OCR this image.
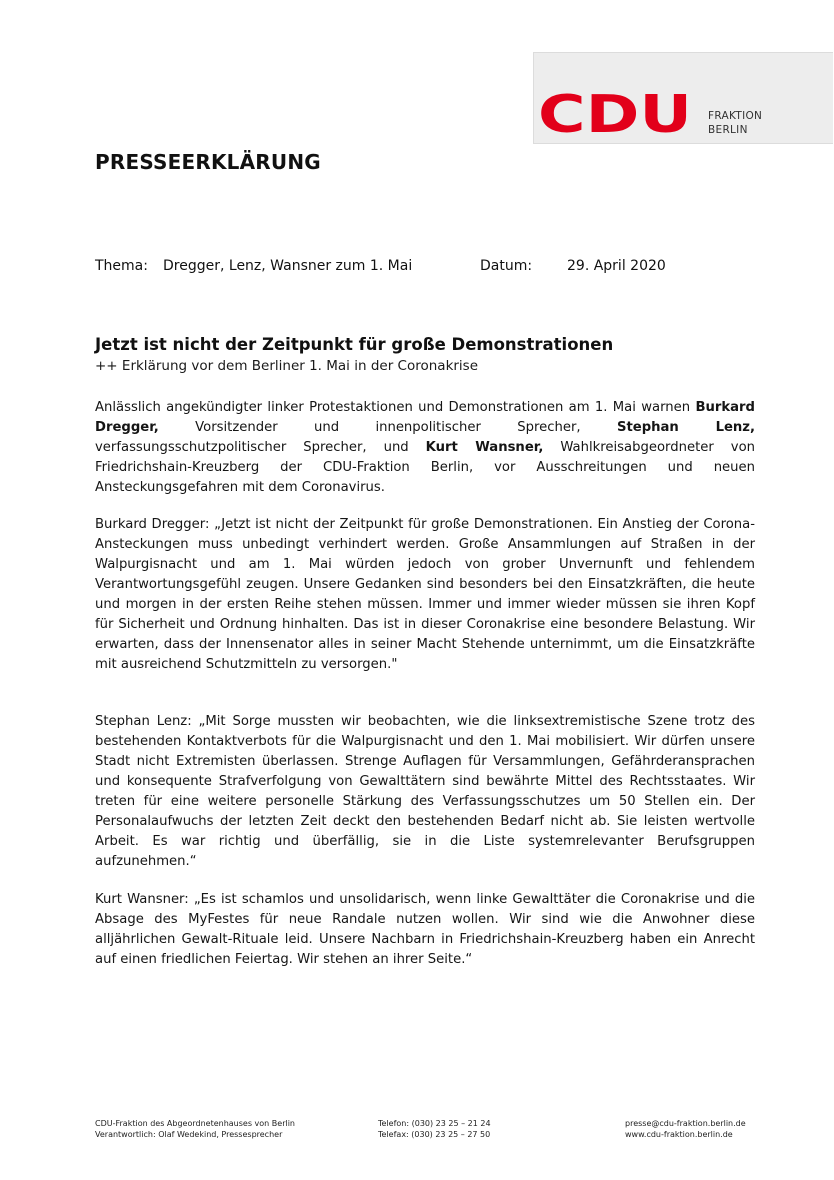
CDU FRAKTION
BERLIN
PRESSEERKLÄRUNG
Thema: Dregger, Lenz, Wansner zum 1. Mai	Datum: 29. April 2020
Jetzt ist nicht der Zeitpunkt für große Demonstrationen
++ Erklärung vor dem Berliner 1. Mai in der Coronakrise

Anlässlich angekündigter linker Protestaktionen und Demonstrationen am 1. Mai warnen Burkard Dregger, Vorsitzender und innenpolitischer Sprecher, Stephan Lenz, verfassungsschutzpolitischer Sprecher, und Kurt Wansner, Wahlkreisabgeordneter von Friedrichshain-Kreuzberg der CDU-Fraktion Berlin, vor Ausschreitungen und neuen Ansteckungsgefahren mit dem Coronavirus.

Burkard Dregger: „Jetzt ist nicht der Zeitpunkt für große Demonstrationen. Ein Anstieg der Corona-Ansteckungen muss unbedingt verhindert werden. Große Ansammlungen auf Straßen in der Walpurgisnacht und am 1. Mai würden jedoch von grober Unvernunft und fehlendem Verantwortungsgefühl zeugen. Unsere Gedanken sind besonders bei den Einsatzkräften, die heute und morgen in der ersten Reihe stehen müssen. Immer und immer wieder müssen sie ihren Kopf für Sicherheit und Ordnung hinhalten. Das ist in dieser Coronakrise eine besondere Belastung. Wir erwarten, dass der Innensenator alles in seiner Macht Stehende unternimmt, um die Einsatzkräfte mit ausreichend Schutzmitteln zu versorgen."

Stephan Lenz: „Mit Sorge mussten wir beobachten, wie die linksextremistische Szene trotz des bestehenden Kontaktverbots für die Walpurgisnacht und den 1. Mai mobilisiert. Wir dürfen unsere Stadt nicht Extremisten überlassen. Strenge Auflagen für Versammlungen, Gefährderansprachen und konsequente Strafverfolgung von Gewalttätern sind bewährte Mittel des Rechtsstaates. Wir treten für eine weitere personelle Stärkung des Verfassungsschutzes um 50 Stellen ein. Der Personalaufwuchs der letzten Zeit deckt den bestehenden Bedarf nicht ab. Sie leisten wertvolle Arbeit. Es war richtig und überfällig, sie in die Liste systemrelevanter Berufsgruppen aufzunehmen.“

Kurt Wansner: „Es ist schamlos und unsolidarisch, wenn linke Gewalttäter die Coronakrise und die Absage des MyFestes für neue Randale nutzen wollen. Wir sind wie die Anwohner diese alljährlichen Gewalt-Rituale leid. Unsere Nachbarn in Friedrichshain-Kreuzberg haben ein Anrecht auf einen friedlichen Feiertag. Wir stehen an ihrer Seite.“

CDU-Fraktion des Abgeordnetenhauses von Berlin
Verantwortlich: Olaf Wedekind, Pressesprecher
Telefon: (030) 23 25 – 21 24
Telefax: (030) 23 25 – 27 50
presse@cdu-fraktion.berlin.de
www.cdu-fraktion.berlin.de
